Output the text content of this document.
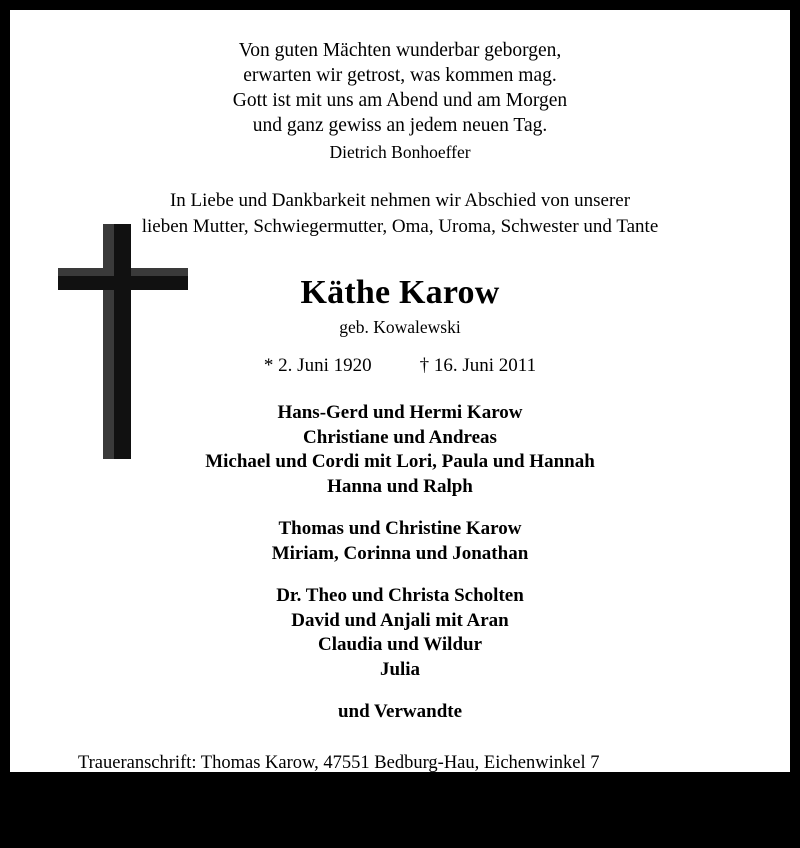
Von guten Mächten wunderbar geborgen,
erwarten wir getrost, was kommen mag.
Gott ist mit uns am Abend und am Morgen
und ganz gewiss an jedem neuen Tag.
Dietrich Bonhoeffer
In Liebe und Dankbarkeit nehmen wir Abschied von unserer
lieben Mutter, Schwiegermutter, Oma, Uroma, Schwester und Tante
Käthe Karow
geb. Kowalewski
* 2. Juni 1920	† 16. Juni 2011
Hans-Gerd und Hermi Karow
Christiane und Andreas
Michael und Cordi mit Lori, Paula und Hannah
Hanna und Ralph
Thomas und Christine Karow
Miriam, Corinna und Jonathan
Dr. Theo und Christa Scholten
David und Anjali mit Aran
Claudia und Wildur
Julia
und Verwandte
Traueranschrift: Thomas Karow, 47551 Bedburg-Hau, Eichenwinkel 7
Der Trauergottesdienst ist am Mittwoch, dem 22. Juni 2011, um 14.00 Uhr in der
alten St. Antonius-Kirche Hau; anschließend findet die Beisetzung statt.
